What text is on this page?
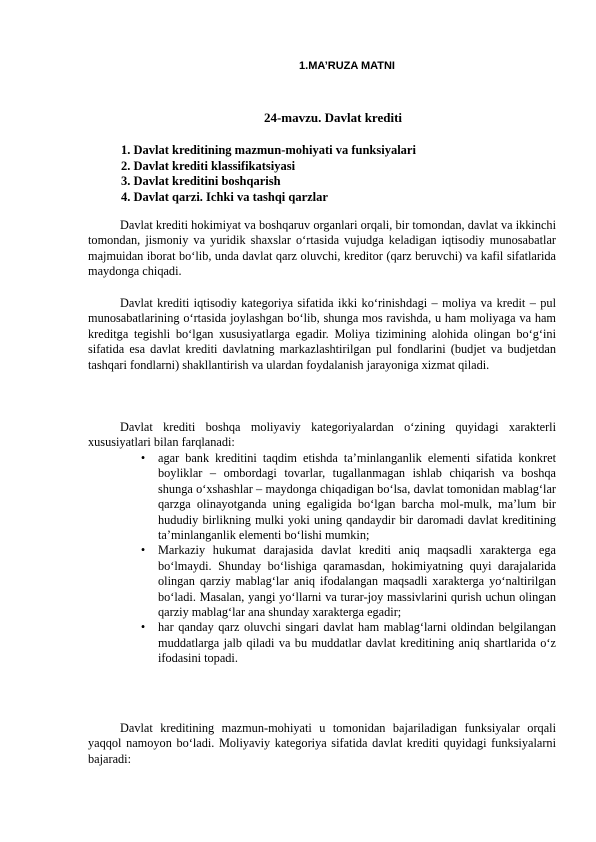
1.MA’RUZA MATNI
24-mavzu. Davlat krediti
1. Davlat kreditining mazmun-mohiyati va funksiyalari
2. Davlat krediti klassifikatsiyasi
3. Davlat kreditini boshqarish
4. Davlat qarzi. Ichki va tashqi qarzlar

Davlat krediti hokimiyat va boshqaruv organlari orqali, bir tomondan, davlat va ikkinchi tomondan, jismoniy va yuridik shaxslar o‘rtasida vujudga keladigan iqtisodiy munosabatlar majmuidan iborat bo‘lib, unda davlat qarz oluvchi, kreditor (qarz beruvchi) va kafil sifatlarida maydonga chiqadi.

Davlat krediti iqtisodiy kategoriya sifatida ikki ko‘rinishdagi – moliya va kredit – pul munosabatlarining o‘rtasida joylashgan bo‘lib, shunga mos ravishda, u ham moliyaga va ham kreditga tegishli bo‘lgan xususiyatlarga egadir. Moliya tizimining alohida olingan bo‘g‘ini sifatida esa davlat krediti davlatning markazlashtirilgan pul fondlarini (budjet va budjetdan tashqari fondlarni) shakllantirish va ulardan foydalanish jarayoniga xizmat qiladi.

Davlat krediti boshqa moliyaviy kategoriyalardan o‘zining quyidagi xarakterli xususiyatlari bilan farqlanadi:

• agar bank kreditini taqdim etishda ta’minlanganlik elementi sifatida konkret boyliklar – ombordagi tovarlar, tugallanmagan ishlab chiqarish va boshqa shunga o‘xshashlar – maydonga chiqadigan bo‘lsa, davlat tomonidan mablag‘lar qarzga olinayotganda uning egaligida bo‘lgan barcha mol-mulk, ma’lum bir hududiy birlikning mulki yoki uning qandaydir bir daromadi davlat kreditining ta’minlanganlik elementi bo‘lishi mumkin;
• Markaziy hukumat darajasida davlat krediti aniq maqsadli xarakterga ega bo‘lmaydi. Shunday bo‘lishiga qaramasdan, hokimiyatning quyi darajalarida olingan qarziy mablag‘lar aniq ifodalangan maqsadli xarakterga yo‘naltirilgan bo‘ladi. Masalan, yangi yo‘llarni va turar-joy massivlarini qurish uchun olingan qarziy mablag‘lar ana shunday xarakterga egadir;
• har qanday qarz oluvchi singari davlat ham mablag‘larni oldindan belgilangan muddatlarga jalb qiladi va bu muddatlar davlat kreditining aniq shartlarida o‘z ifodasini topadi.

Davlat kreditining mazmun-mohiyati u tomonidan bajariladigan funksiyalar orqali yaqqol namoyon bo‘ladi. Moliyaviy kategoriya sifatida davlat krediti quyidagi funksiyalarni bajaradi:
